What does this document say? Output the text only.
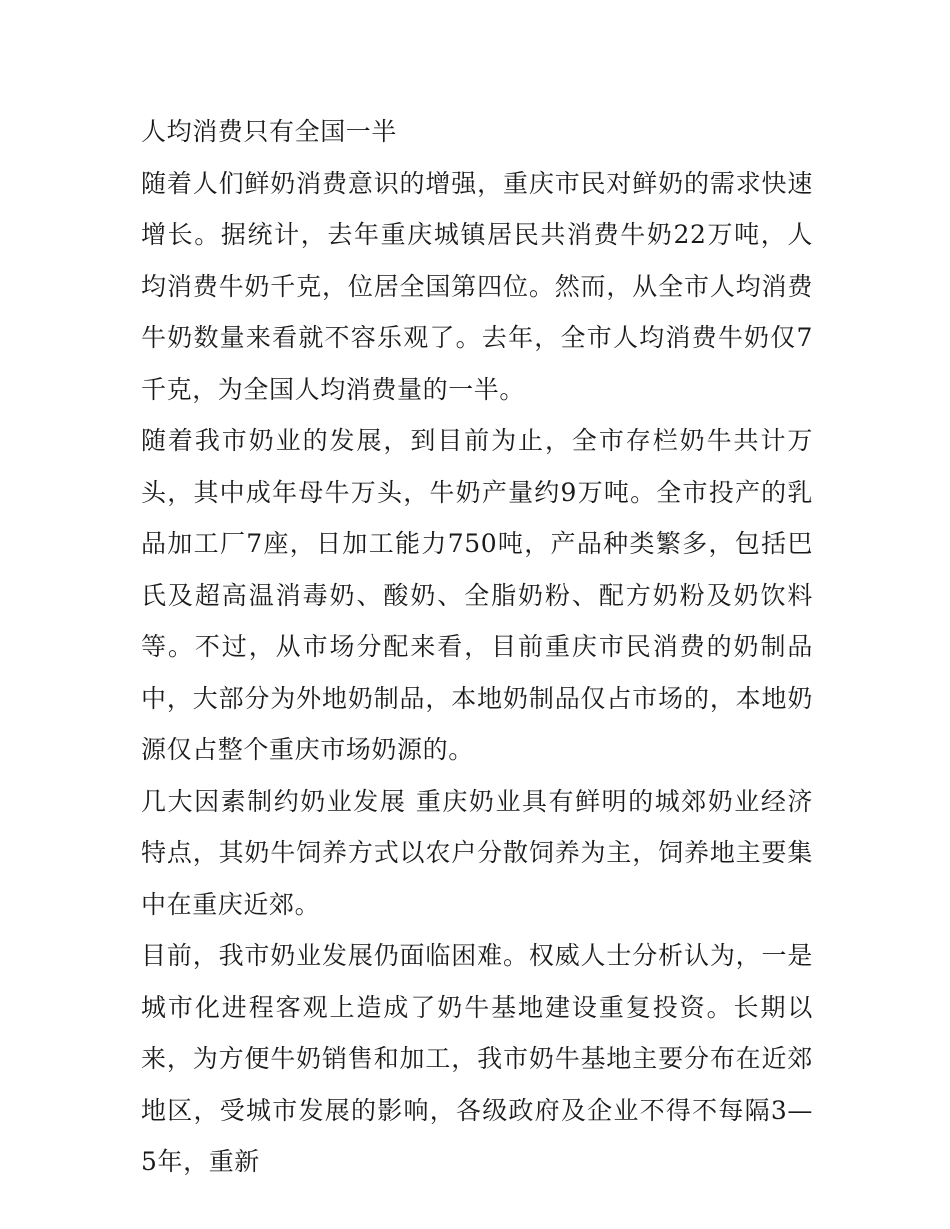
人均消费只有全国一半

随着人们鲜奶消费意识的增强，重庆市民对鲜奶的需求快速增长。据统计，去年重庆城镇居民共消费牛奶22万吨，人均消费牛奶千克，位居全国第四位。然而，从全市人均消费牛奶数量来看就不容乐观了。去年，全市人均消费牛奶仅7千克，为全国人均消费量的一半。

随着我市奶业的发展，到目前为止，全市存栏奶牛共计万头，其中成年母牛万头，牛奶产量约9万吨。全市投产的乳品加工厂7座，日加工能力750吨，产品种类繁多，包括巴氏及超高温消毒奶、酸奶、全脂奶粉、配方奶粉及奶饮料等。不过，从市场分配来看，目前重庆市民消费的奶制品中，大部分为外地奶制品，本地奶制品仅占市场的，本地奶源仅占整个重庆市场奶源的。

几大因素制约奶业发展 重庆奶业具有鲜明的城郊奶业经济特点，其奶牛饲养方式以农户分散饲养为主，饲养地主要集中在重庆近郊。

目前，我市奶业发展仍面临困难。权威人士分析认为，一是城市化进程客观上造成了奶牛基地建设重复投资。长期以来，为方便牛奶销售和加工，我市奶牛基地主要分布在近郊地区，受城市发展的影响，各级政府及企业不得不每隔3—5年，重新
